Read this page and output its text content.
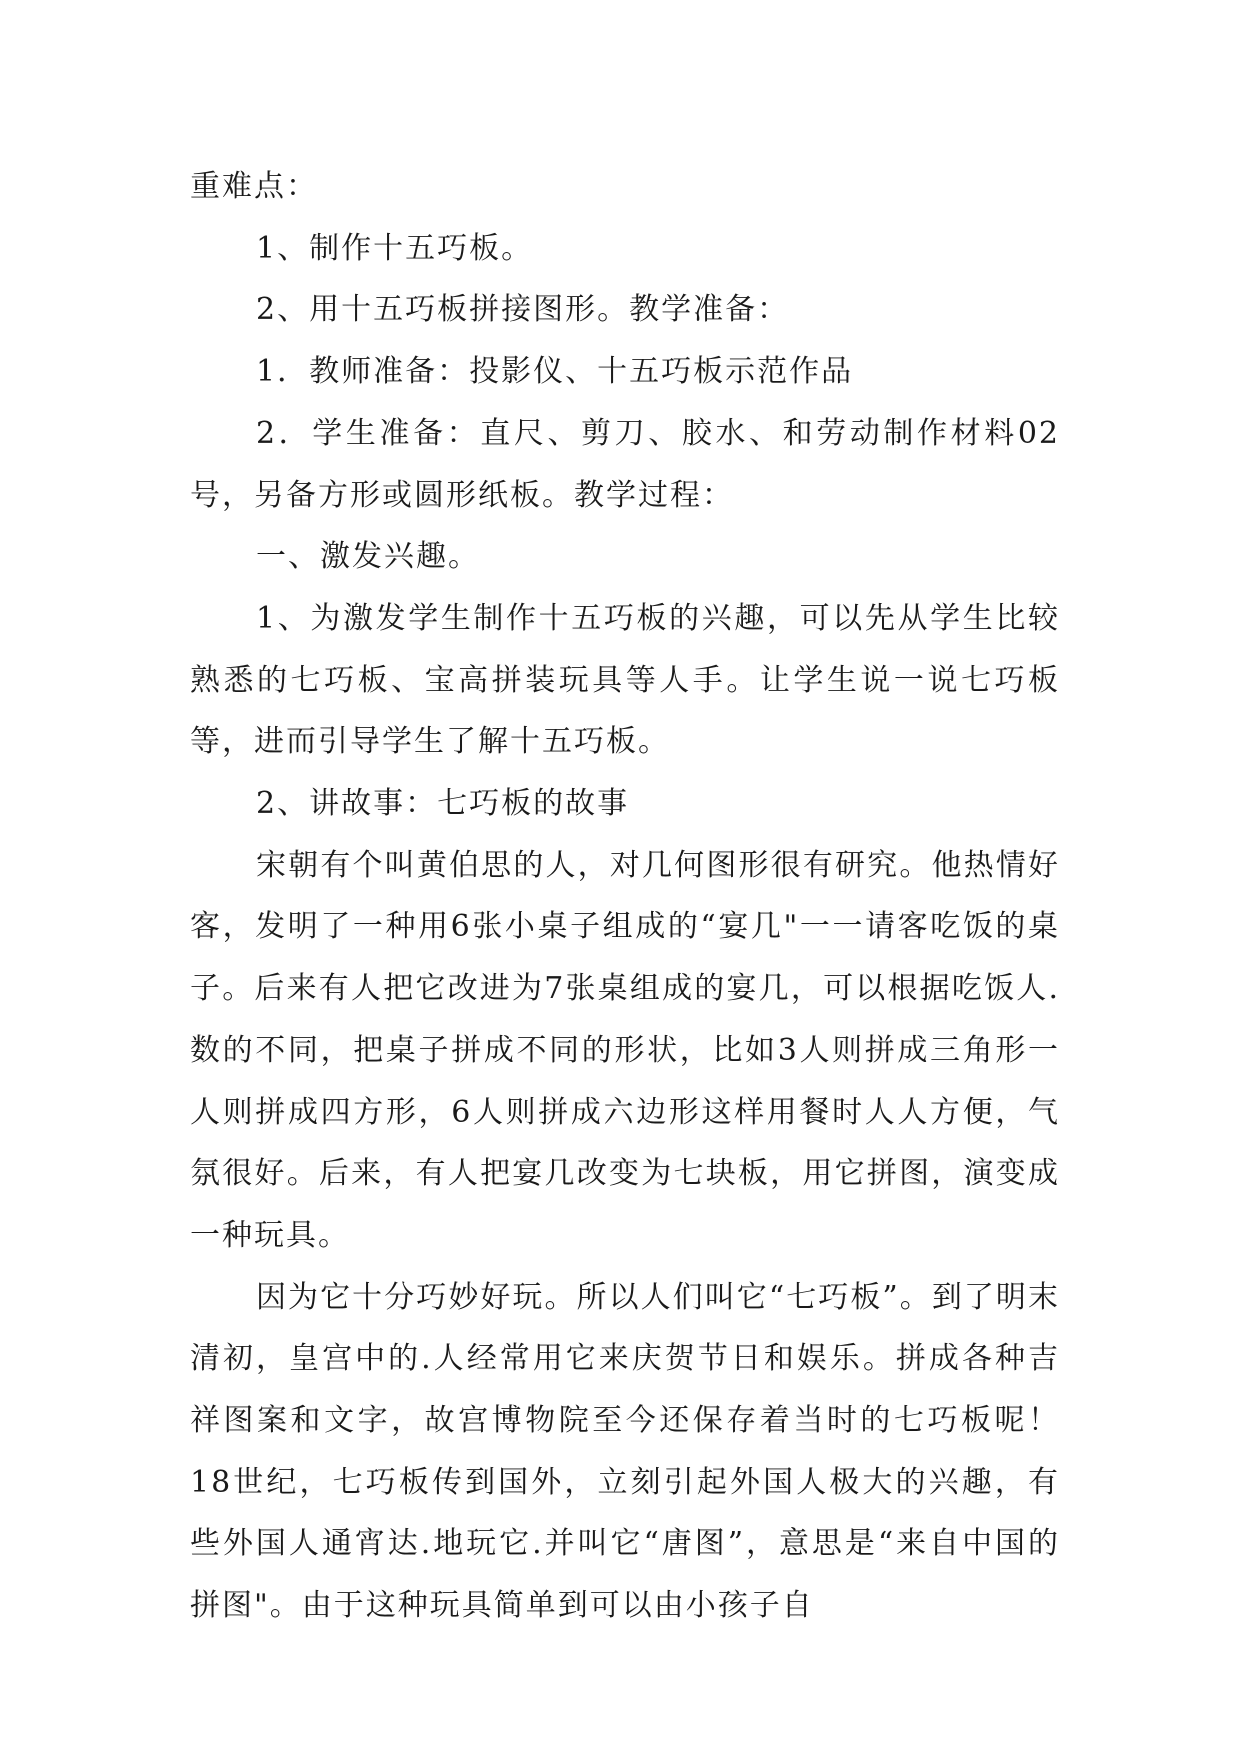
重难点：

1、制作十五巧板。

2、用十五巧板拼接图形。教学准备：

1．教师准备：投影仪、十五巧板示范作品

2．学生准备：直尺、剪刀、胶水、和劳动制作材料02号，另备方形或圆形纸板。教学过程：

一、激发兴趣。

1、为激发学生制作十五巧板的兴趣，可以先从学生比较熟悉的七巧板、宝高拼装玩具等人手。让学生说一说七巧板等，进而引导学生了解十五巧板。

2、讲故事：七巧板的故事

宋朝有个叫黄伯思的人，对几何图形很有研究。他热情好客，发明了一种用6张小桌子组成的“宴几"一一请客吃饭的桌子。后来有人把它改进为7张桌组成的宴几，可以根据吃饭人.数的不同，把桌子拼成不同的形状，比如3人则拼成三角形一人则拼成四方形，6人则拼成六边形这样用餐时人人方便，气氛很好。后来，有人把宴几改变为七块板，用它拼图，演变成一种玩具。

因为它十分巧妙好玩。所以人们叫它“七巧板”。到了明末清初，皇宫中的.人经常用它来庆贺节日和娱乐。拼成各种吉祥图案和文字，故宫博物院至今还保存着当时的七巧板呢！18世纪，七巧板传到国外，立刻引起外国人极大的兴趣，有些外国人通宵达.地玩它.并叫它“唐图”，意思是“来自中国的拼图"。由于这种玩具简单到可以由小孩子自
